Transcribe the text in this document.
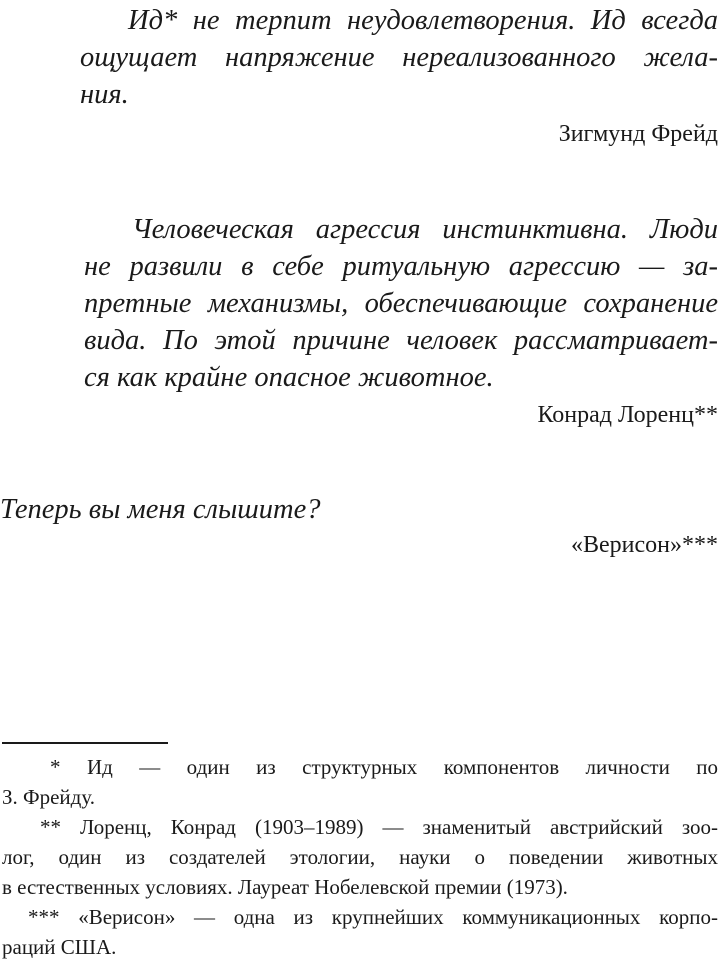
Ид* не терпит неудовлетворения. Ид всегда
ощущает напряжение нереализованного жела-
ния.

Зигмунд Фрейд

Человеческая агрессия инстинктивна. Люди
не развили в себе ритуальную агрессию — за-
претные механизмы, обеспечивающие сохранение
вида. По этой причине человек рассматривает-
ся как крайне опасное животное.

Конрад Лоренц**

Теперь вы меня слышите?

«Верисон»***

* Ид — один из структурных компонентов личности по
З. Фрейду.

** Лоренц, Конрад (1903–1989) — знаменитый австрийский зоо-
лог, один из создателей этологии, науки о поведении животных
в естественных условиях. Лауреат Нобелевской премии (1973).

*** «Верисон» — одна из крупнейших коммуникационных корпо-
раций США.
